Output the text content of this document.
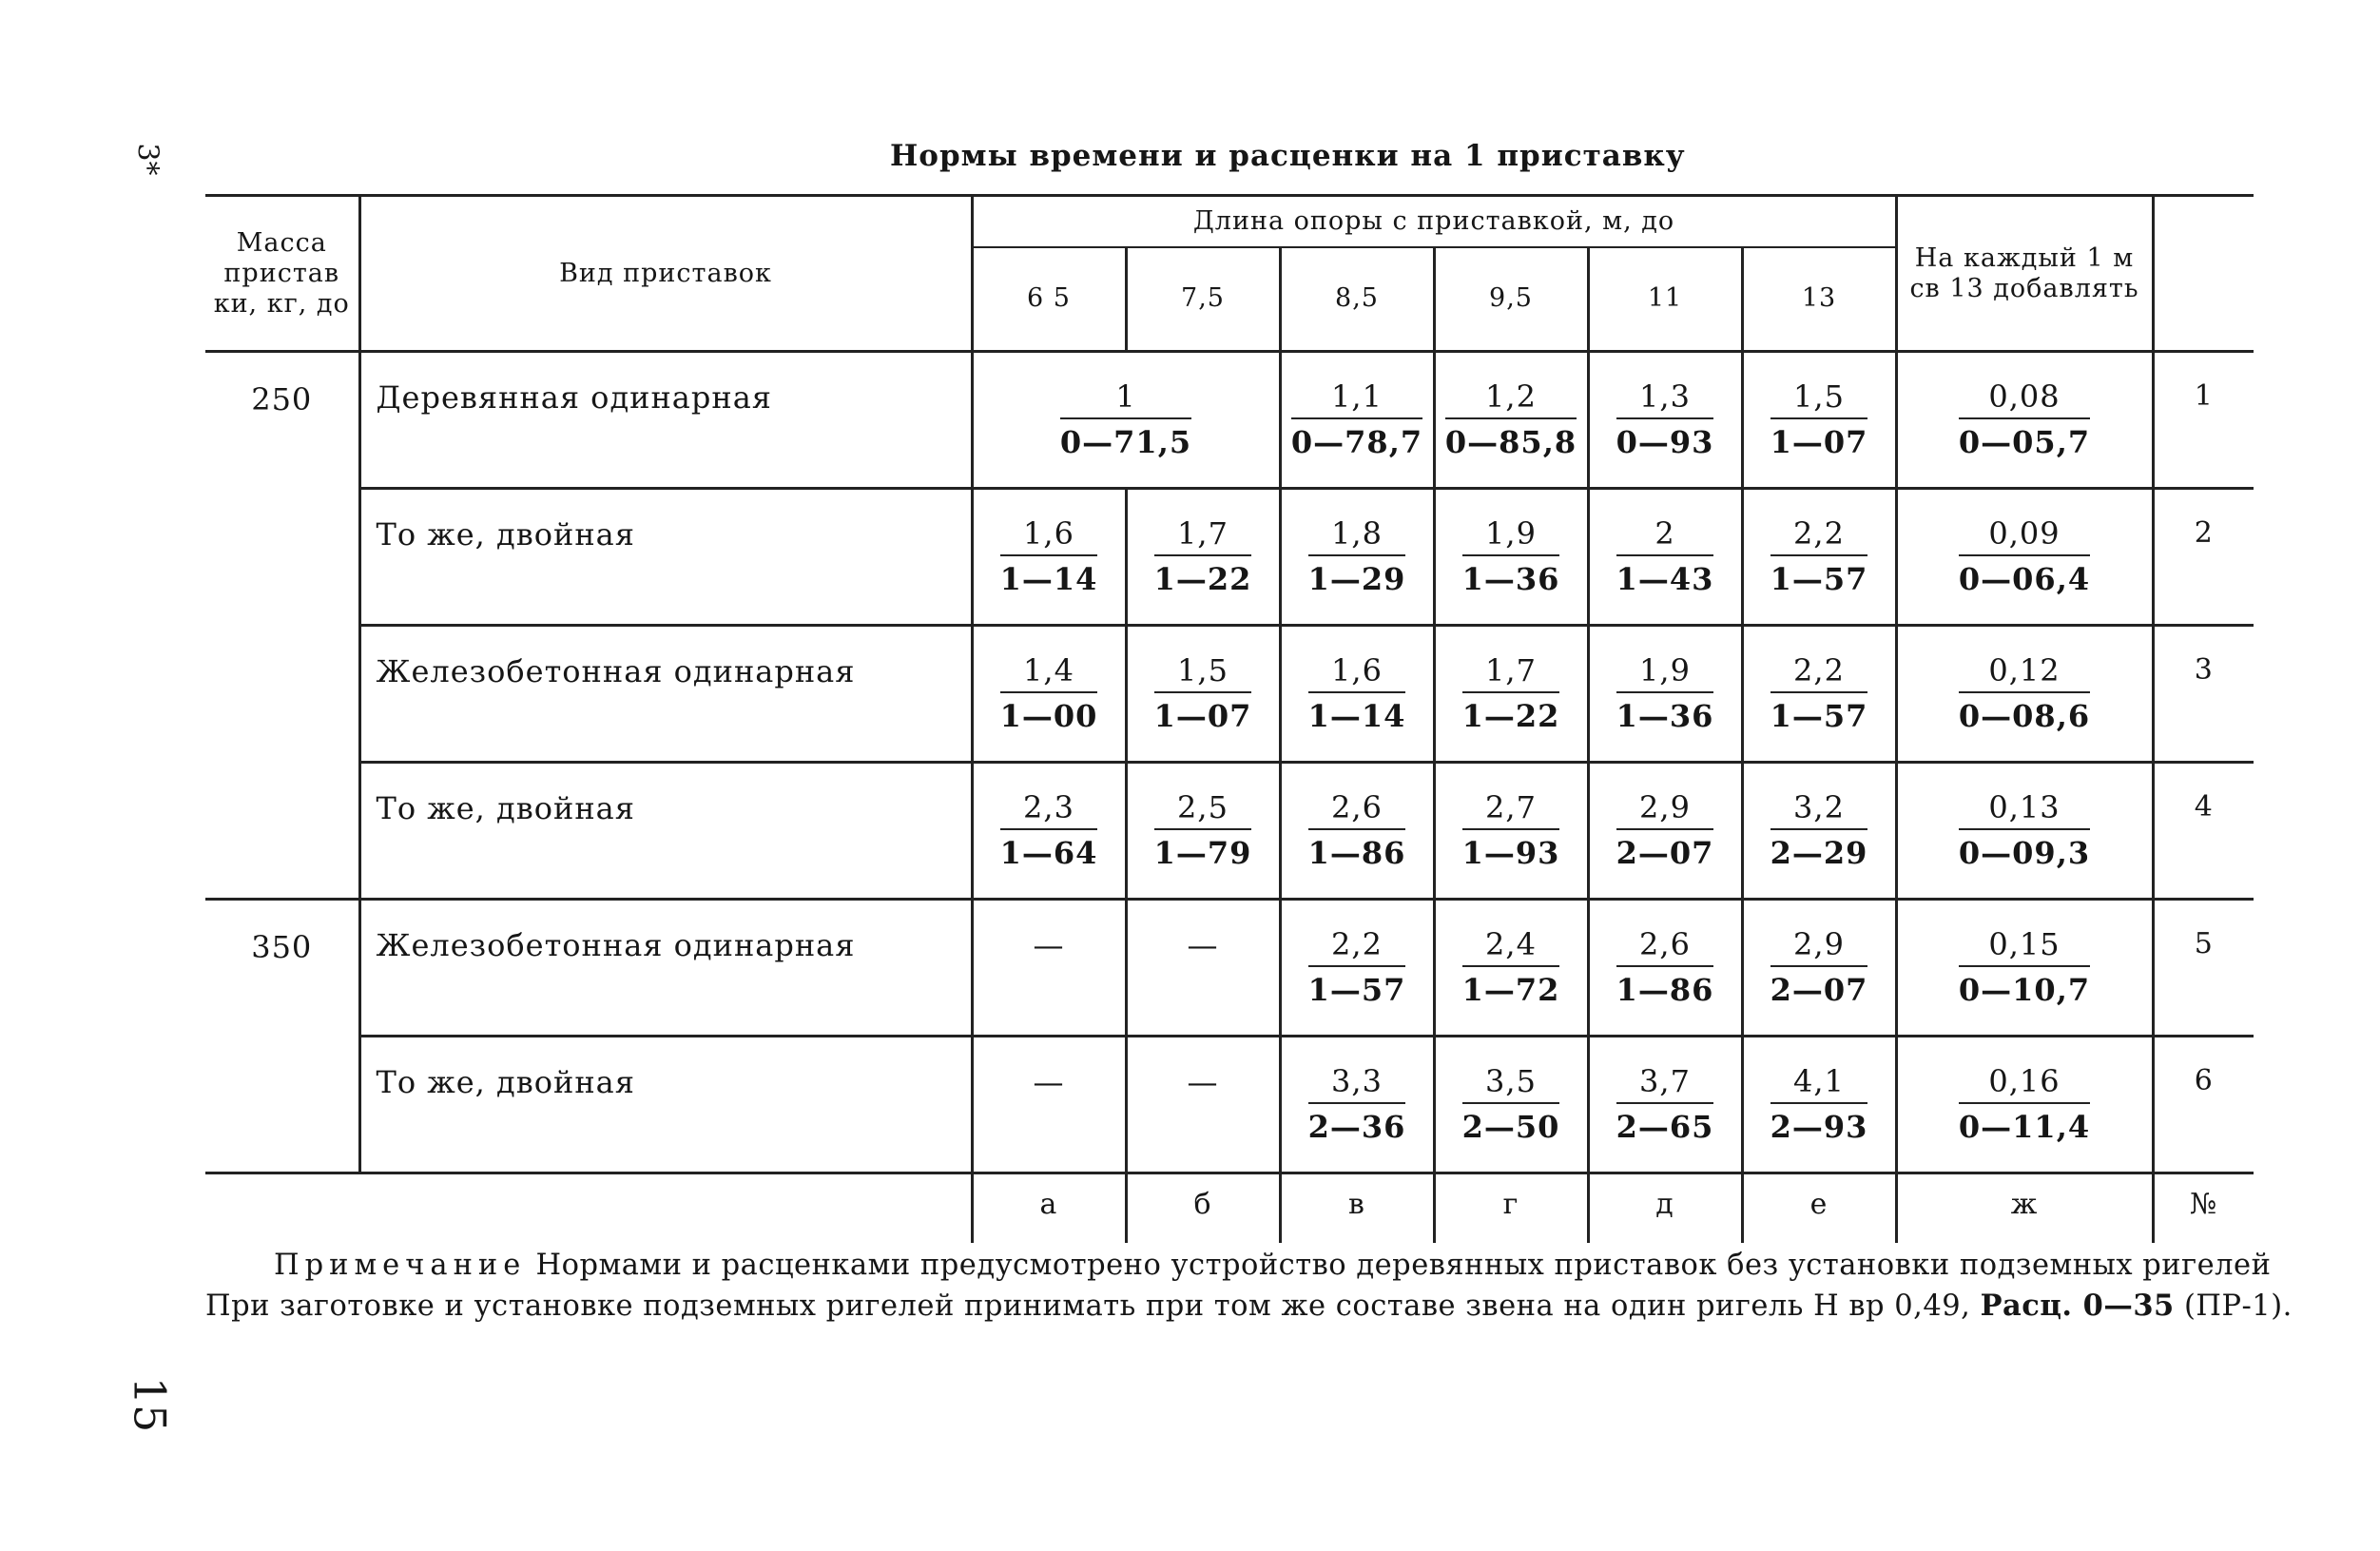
3*
15
Нормы времени и расценки на 1 приставку
Масса пристав ки, кг, до	Вид приставок	Длина опоры с приставкой, м, до						На каждый 1 м св 13 добавлять	
		6 5	7,5	8,5	9,5	11	13		
250	Деревянная одинарная	$\frac{1}{0—71,5}$		$\frac{1,1}{0—78,7}$	$\frac{1,2}{0—85,8}$	$\frac{1,3}{0—93}$	$\frac{1,5}{1—07}$	$\frac{0,08}{0—05,7}$	1
	То же, двойная	$\frac{1,6}{1—14}$	$\frac{1,7}{1—22}$	$\frac{1,8}{1—29}$	$\frac{1,9}{1—36}$	$\frac{2}{1—43}$	$\frac{2,2}{1—57}$	$\frac{0,09}{0—06,4}$	2
	Железобетонная одинарная	$\frac{1,4}{1—00}$	$\frac{1,5}{1—07}$	$\frac{1,6}{1—14}$	$\frac{1,7}{1—22}$	$\frac{1,9}{1—36}$	$\frac{2,2}{1—57}$	$\frac{0,12}{0—08,6}$	3
	То же, двойная	$\frac{2,3}{1—64}$	$\frac{2,5}{1—79}$	$\frac{2,6}{1—86}$	$\frac{2,7}{1—93}$	$\frac{2,9}{2—07}$	$\frac{3,2}{2—29}$	$\frac{0,13}{0—09,3}$	4
350	Железобетонная одинарная	—	—	$\frac{2,2}{1—57}$	$\frac{2,4}{1—72}$	$\frac{2,6}{1—86}$	$\frac{2,9}{2—07}$	$\frac{0,15}{0—10,7}$	5
	То же, двойная	—	—	$\frac{3,3}{2—36}$	$\frac{3,5}{2—50}$	$\frac{3,7}{2—65}$	$\frac{4,1}{2—93}$	$\frac{0,16}{0—11,4}$	6
		а	б	в	г	д	е	ж	№
Примечание Нормами и расценками предусмотрено устройство деревянных приставок без установки подземных ригелей
При заготовке и установке подземных ригелей принимать при том же составе звена на один ригель Н вр 0,49, Расц. 0—35 (ПР-1).
